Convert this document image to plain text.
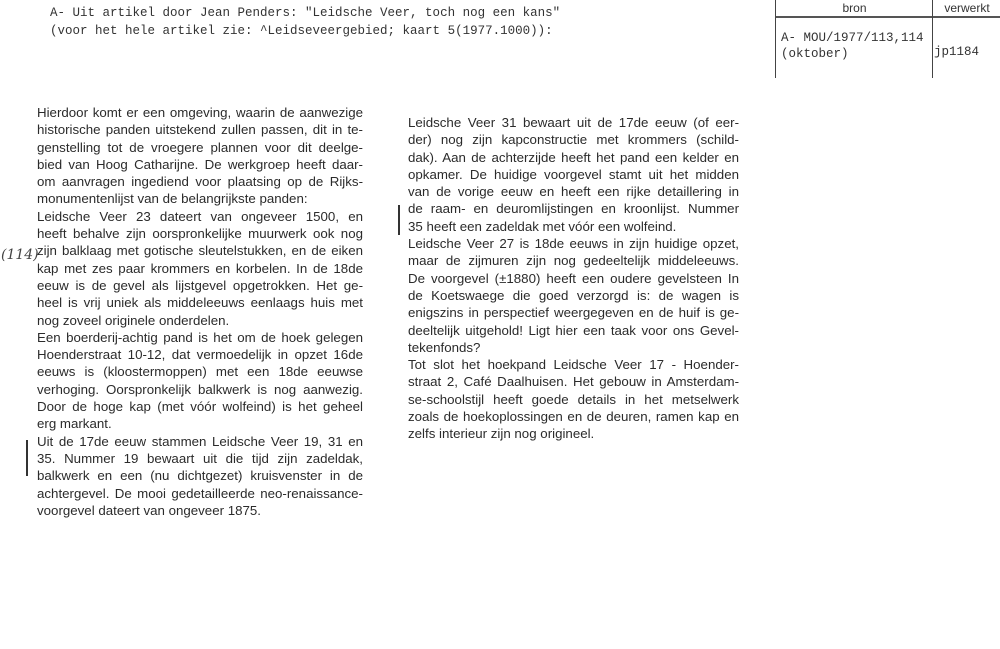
A- Uit artikel door Jean Penders: "Leidsche Veer, toch nog een kans"
(voor het hele artikel zie: ^Leidseveergebied; kaart 5(1977.1000)):
bron	verwerkt
A- MOU/1977/113,114
(oktober)	jp1184
(114)
Hierdoor komt er een omgeving, waarin de aanwezige
historische panden uitstekend zullen passen, dit in te-
genstelling tot de vroegere plannen voor dit deelge-
bied van Hoog Catharijne. De werkgroep heeft daar-
om aanvragen ingediend voor plaatsing op de Rijks-
monumentenlijst van de belangrijkste panden:
Leidsche Veer 23 dateert van ongeveer 1500, en
heeft behalve zijn oorspronkelijke muurwerk ook nog
zijn balklaag met gotische sleutelstukken, en de eiken
kap met zes paar krommers en korbelen. In de 18de
eeuw is de gevel als lijstgevel opgetrokken. Het ge-
heel is vrij uniek als middeleeuws eenlaags huis met
nog zoveel originele onderdelen.
Een boerderij-achtig pand is het om de hoek gelegen
Hoenderstraat 10-12, dat vermoedelijk in opzet 16de
eeuws is (kloostermoppen) met een 18de eeuwse
verhoging. Oorspronkelijk balkwerk is nog aanwezig.
Door de hoge kap (met vóór wolfeind) is het geheel
erg markant.
Uit de 17de eeuw stammen Leidsche Veer 19, 31 en
35. Nummer 19 bewaart uit die tijd zijn zadeldak,
balkwerk en een (nu dichtgezet) kruisvenster in de
achtergevel. De mooi gedetailleerde neo-renaissance-
voorgevel dateert van ongeveer 1875.
Leidsche Veer 31 bewaart uit de 17de eeuw (of eer-
der) nog zijn kapconstructie met krommers (schild-
dak). Aan de achterzijde heeft het pand een kelder en
opkamer. De huidige voorgevel stamt uit het midden
van de vorige eeuw en heeft een rijke detaillering in
de raam- en deuromlijstingen en kroonlijst. Nummer
35 heeft een zadeldak met vóór een wolfeind.
Leidsche Veer 27 is 18de eeuws in zijn huidige opzet,
maar de zijmuren zijn nog gedeeltelijk middeleeuws.
De voorgevel (±1880) heeft een oudere gevelsteen In
de Koetswaege die goed verzorgd is: de wagen is
enigszins in perspectief weergegeven en de huif is ge-
deeltelijk uitgehold! Ligt hier een taak voor ons Gevel-
tekenfonds?
Tot slot het hoekpand Leidsche Veer 17 - Hoender-
straat 2, Café Daalhuisen. Het gebouw in Amsterdam-
se-schoolstijl heeft goede details in het metselwerk
zoals de hoekoplossingen en de deuren, ramen kap en
zelfs interieur zijn nog origineel.
